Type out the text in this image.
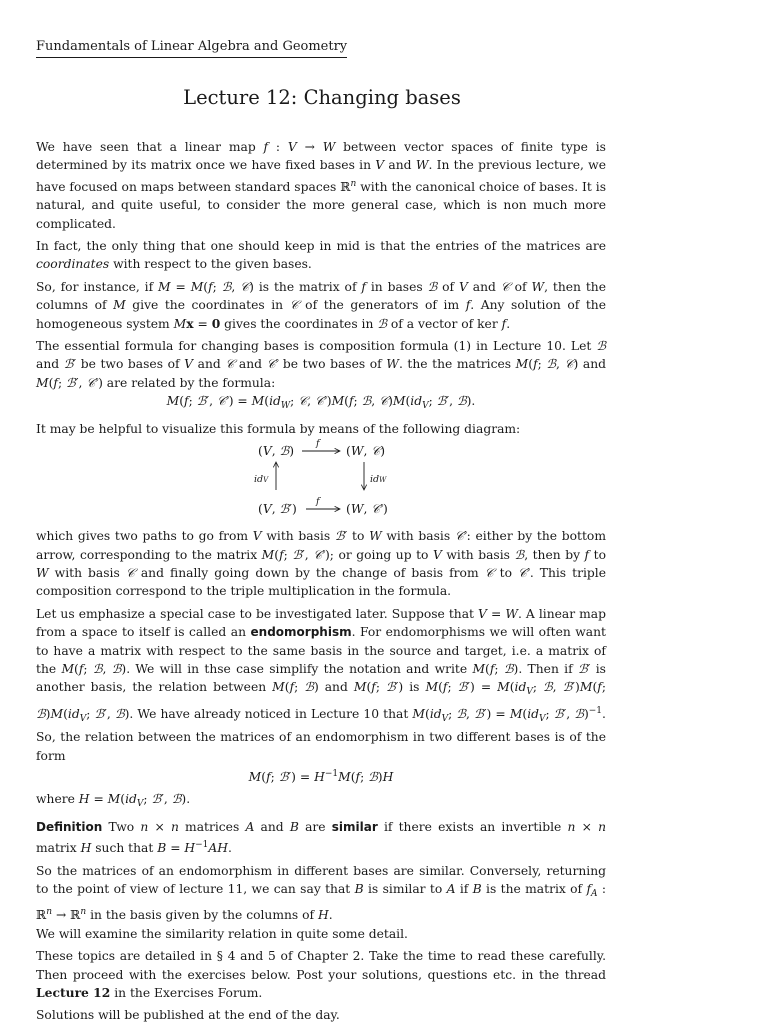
Fundamentals of Linear Algebra and Geometry
Lecture 12: Changing bases

We have seen that a linear map f : V → W between vector spaces of finite type is determined by its matrix once we have fixed bases in V and W. In the previous lecture, we have focused on maps between standard spaces ℝ$^n$ with the canonical choice of bases. It is natural, and quite useful, to consider the more general case, which is non much more complicated.

In fact, the only thing that one should keep in mid is that the entries of the matrices are coordinates with respect to the given bases.

So, for instance, if M = M(f; ℬ, 𝒞) is the matrix of f in bases ℬ of V and 𝒞 of W, then the columns of M give the coordinates in 𝒞 of the generators of im f. Any solution of the homogeneous system Mx = 0 gives the coordinates in ℬ of a vector of ker f.

The essential formula for changing bases is composition formula (1) in Lecture 10. Let ℬ and ℬ′ be two bases of V and 𝒞 and 𝒞′ be two bases of W. the the matrices M(f; ℬ, 𝒞) and M(f; ℬ′, 𝒞′) are related by the formula:

M(f; ℬ′, 𝒞′) = $M(id_W$; 𝒞, 𝒞′)M(f; ℬ, $𝒞)M(id_V$; ℬ′, ℬ).

It may be helpful to visualize this formula by means of the following diagram:

(V, ℬ)	(W, 𝒞)
(V, ℬ′)	(W, 𝒞′)
f
f
idV	idW

which gives two paths to go from V with basis ℬ′ to W with basis 𝒞′: either by the bottom arrow, corresponding to the matrix M(f; ℬ′, 𝒞′); or going up to V with basis ℬ, then by f to W with basis 𝒞 and finally going down by the change of basis from 𝒞 to 𝒞′. This triple composition correspond to the triple multiplication in the formula.

Let us emphasize a special case to be investigated later. Suppose that V = W. A linear map from a space to itself is called an endomorphism. For endomorphisms we will often want to have a matrix with respect to the same basis in the source and target, i.e. a matrix of the M(f; ℬ, ℬ). We will in thse case simplify the notation and write M(f; ℬ). Then if ℬ′ is another basis, the relation between M(f; ℬ) and M(f; ℬ′) is M(f; ℬ′) = $M(id_V$; ℬ, ℬ′)M(f; $ℬ)M(id_V$; ℬ′, ℬ). We have already noticed in Lecture 10 that $M(id_V$; ℬ, ℬ′) = $M(id_V$; ℬ′, ℬ)$^{-1}$. So, the relation between the matrices of an endomorphism in two different bases is of the form

M(f; ℬ′) = $H^{-1}M(f$; ℬ)H

where $H = M(id_V$; ℬ′, ℬ).

Definition Two n × n matrices A and B are similar if there exists an invertible n × n matrix H such that $B = H^{-1}AH$.

So the matrices of an endomorphism in different bases are similar. Conversely, returning to the point of view of lecture 11, we can say that B is similar to A if B is the matrix of $f_A$ : ℝ$^n$ → ℝ$^n$ in the basis given by the columns of H.

We will examine the similarity relation in quite some detail.

These topics are detailed in § 4 and 5 of Chapter 2. Take the time to read these carefully. Then proceed with the exercises below. Post your solutions, questions etc. in the thread Lecture 12 in the Exercises Forum.

Solutions will be published at the end of the day.
